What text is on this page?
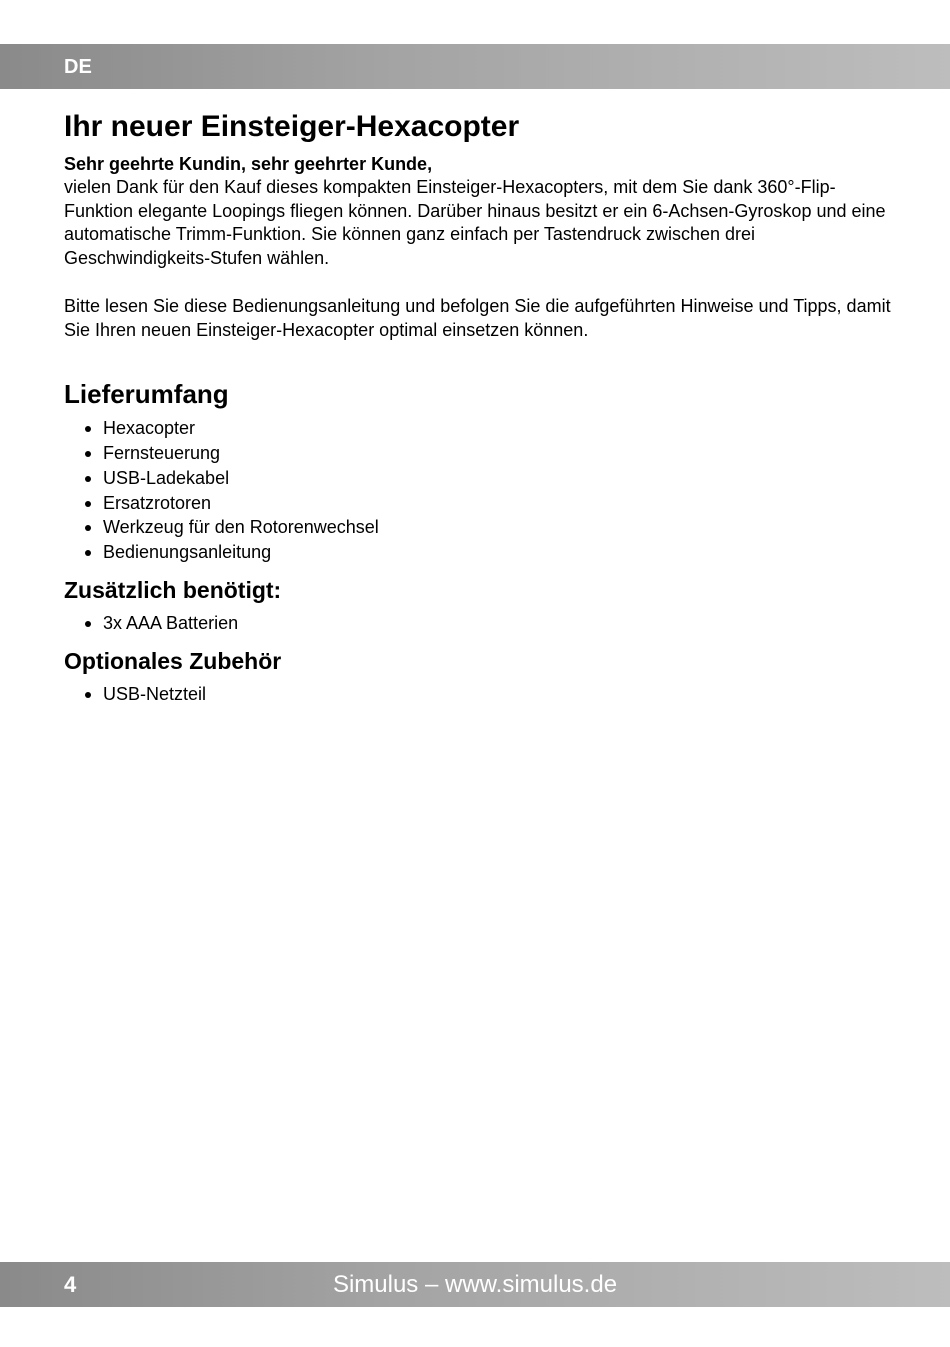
DE
Ihr neuer Einsteiger-Hexacopter

Sehr geehrte Kundin, sehr geehrter Kunde,

vielen Dank für den Kauf dieses kompakten Einsteiger-Hexacopters, mit dem Sie dank 360°-Flip-Funktion elegante Loopings fliegen können. Darüber hinaus besitzt er ein 6-Achsen-Gyroskop und eine automatische Trimm-Funktion. Sie können ganz einfach per Tastendruck zwischen drei Geschwindigkeits-Stufen wählen.

Bitte lesen Sie diese Bedienungsanleitung und befolgen Sie die aufgeführten Hinweise und Tipps, damit Sie Ihren neuen Einsteiger-Hexacopter optimal einsetzen können.

Lieferumfang
Hexacopter
Fernsteuerung
USB-Ladekabel
Ersatzrotoren
Werkzeug für den Rotorenwechsel
Bedienungsanleitung
Zusätzlich benötigt:
3x AAA Batterien
Optionales Zubehör
USB-Netzteil
4	Simulus – www.simulus.de
